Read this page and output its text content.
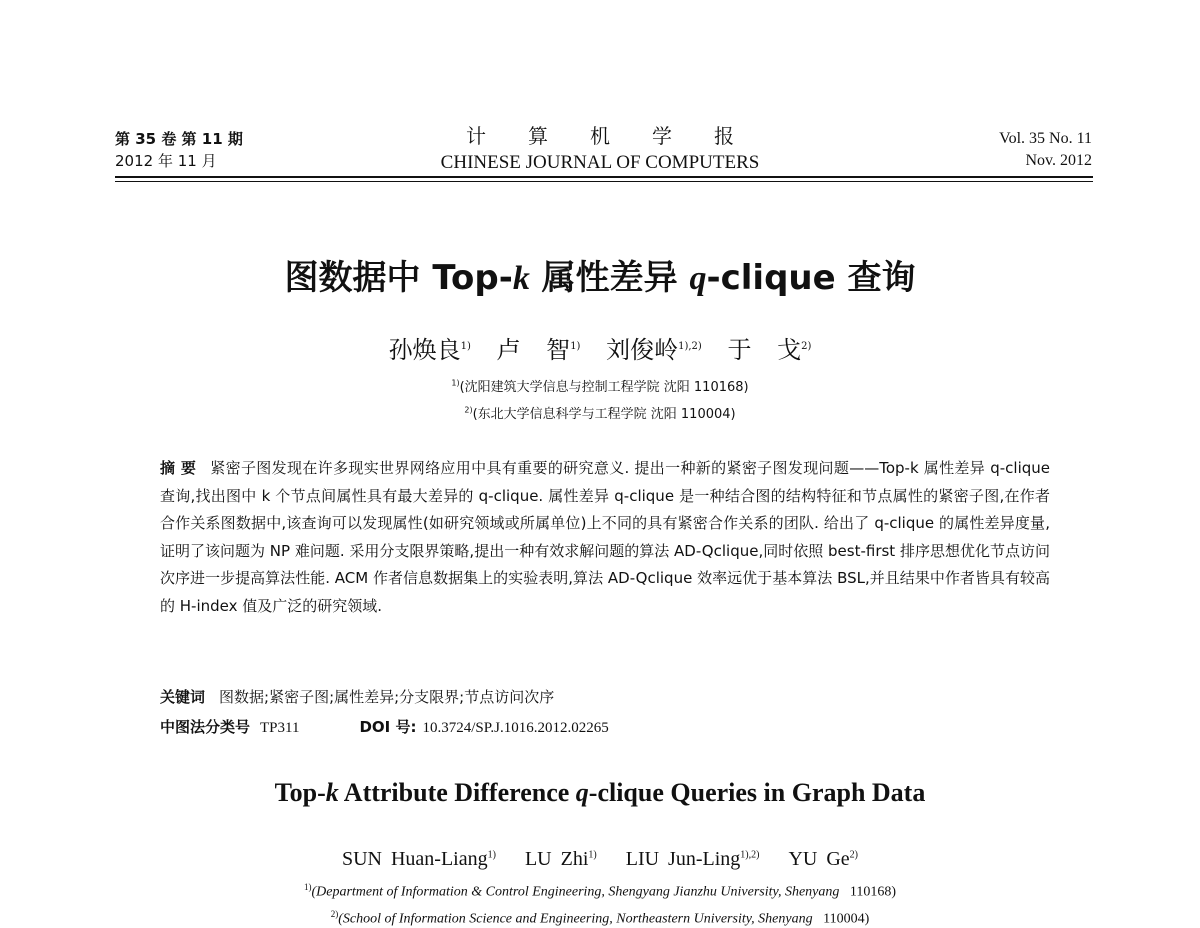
第 35 卷 第 11 期
2012 年 11 月
计算机学报
CHINESE JOURNAL OF COMPUTERS
Vol. 35 No. 11
Nov. 2012
图数据中 Top-k 属性差异 q-clique 查询
孙焕良$^{1)}$ 卢 智$^{1)}$ 刘俊岭$^{1),2)}$ 于 戈$^{2)}$
$^{1)}$(沈阳建筑大学信息与控制工程学院 沈阳 110168)
$^{2)}$(东北大学信息科学与工程学院 沈阳 110004)
摘 要 紧密子图发现在许多现实世界网络应用中具有重要的研究意义. 提出一种新的紧密子图发现问题——Top-k 属性差异 q-clique 查询,找出图中 k 个节点间属性具有最大差异的 q-clique. 属性差异 q-clique 是一种结合图的结构特征和节点属性的紧密子图,在作者合作关系图数据中,该查询可以发现属性(如研究领域或所属单位)上不同的具有紧密合作关系的团队. 给出了 q-clique 的属性差异度量,证明了该问题为 NP 难问题. 采用分支限界策略,提出一种有效求解问题的算法 AD-Qclique,同时依照 best-first 排序思想优化节点访问次序进一步提高算法性能. ACM 作者信息数据集上的实验表明,算法 AD-Qclique 效率远优于基本算法 BSL,并且结果中作者皆具有较高的 H-index 值及广泛的研究领域.
关键词 图数据;紧密子图;属性差异;分支限界;节点访问次序
中图法分类号 TP311	DOI 号: 10.3724/SP.J.1016.2012.02265
Top-k Attribute Difference q-clique Queries in Graph Data
SUN Huan-Liang$^{1)}$ LU Zhi$^{1)}$ LIU Jun-Ling$^{1),2)}$ YU Ge$^{2)}$
$^{1)}$(Department of Information & Control Engineering, Shengyang Jianzhu University, Shenyang 110168)
$^{2)}$(School of Information Science and Engineering, Northeastern University, Shenyang 110004)
